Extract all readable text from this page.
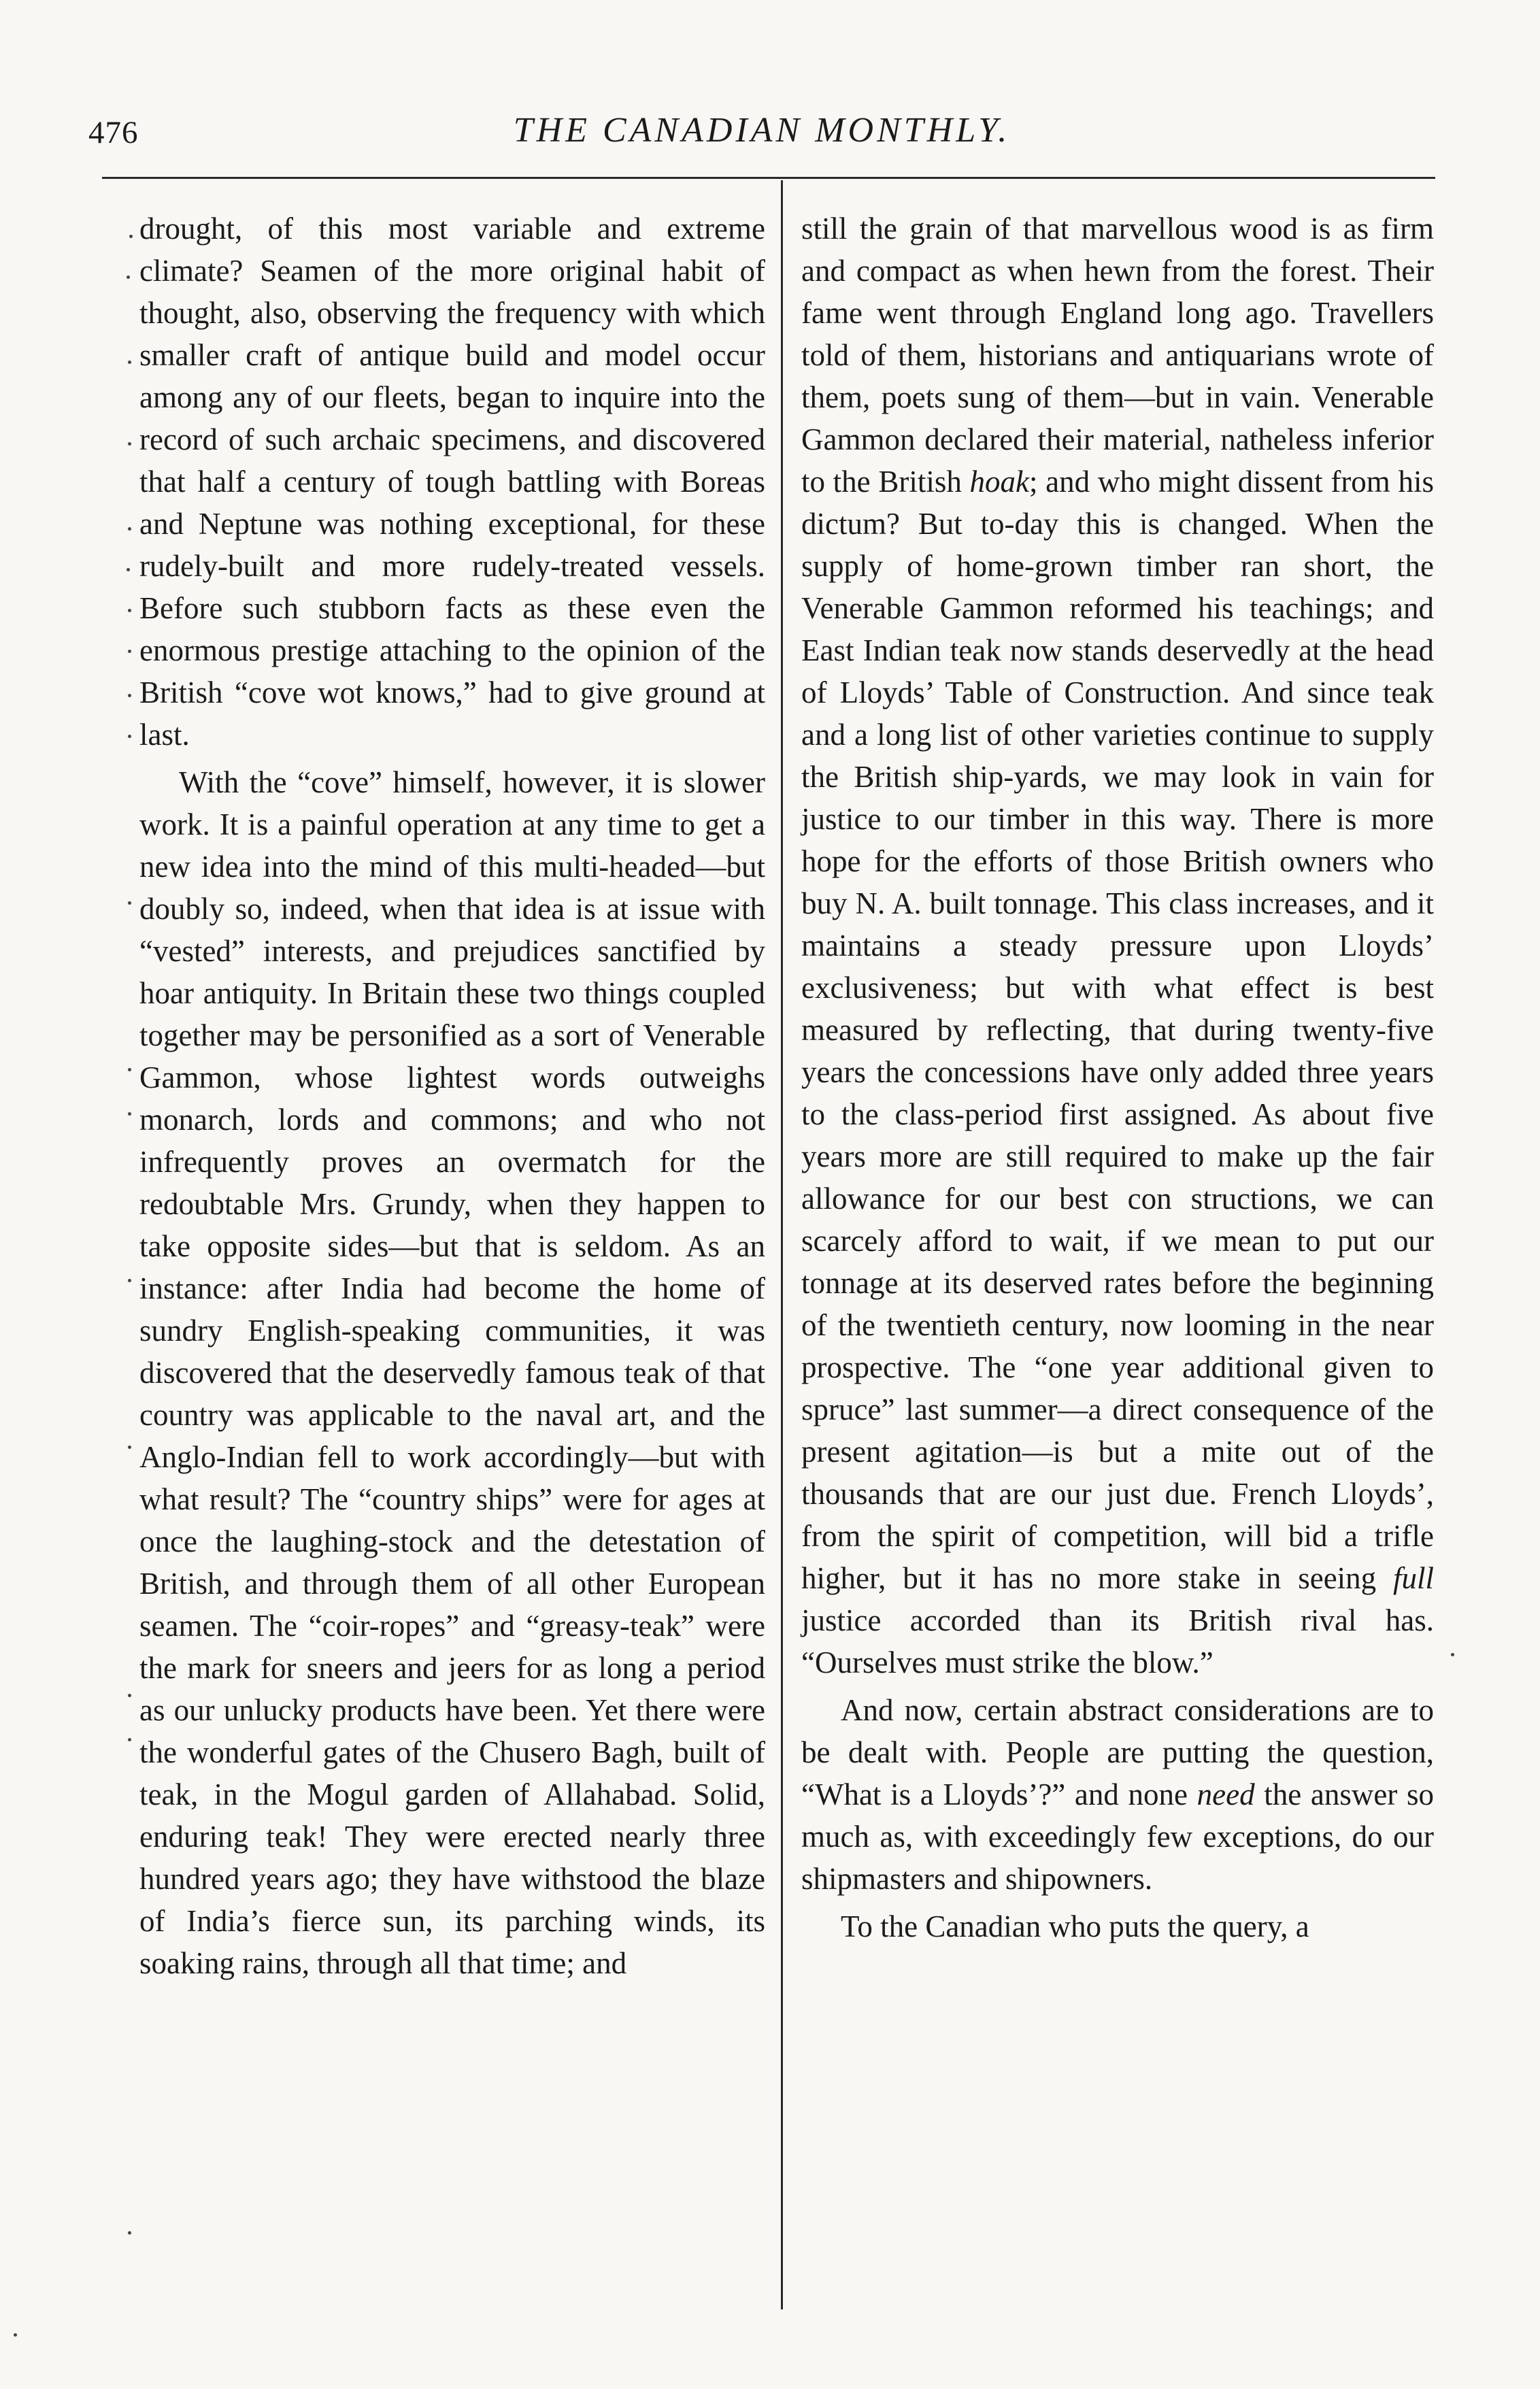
476	THE CANADIAN MONTHLY.

drought, of this most variable and extreme climate? Seamen of the more original habit of thought, also, observing the frequency with which smaller craft of antique build and model occur among any of our fleets, began to inquire into the record of such archaic specimens, and discovered that half a century of tough battling with Boreas and Neptune was nothing exceptional, for these rudely-built and more rudely-treated vessels. Before such stubborn facts as these even the enormous prestige attaching to the opinion of the British “cove wot knows,” had to give ground at last.

With the “cove” himself, however, it is slower work. It is a painful operation at any time to get a new idea into the mind of this multi-headed—but doubly so, indeed, when that idea is at issue with “vested” interests, and prejudices sanctified by hoar antiquity. In Britain these two things coupled together may be personified as a sort of Venerable Gammon, whose lightest words outweighs monarch, lords and commons; and who not infrequently proves an overmatch for the redoubtable Mrs. Grundy, when they happen to take opposite sides—but that is seldom. As an instance: after India had become the home of sundry English-speaking communities, it was discovered that the deservedly famous teak of that country was applicable to the naval art, and the Anglo-Indian fell to work accordingly—but with what result? The “country ships” were for ages at once the laughing-stock and the detestation of British, and through them of all other European seamen. The “coir-ropes” and “greasy-teak” were the mark for sneers and jeers for as long a period as our unlucky products have been. Yet there were the wonderful gates of the Chusero Bagh, built of teak, in the Mogul garden of Allahabad. Solid, enduring teak! They were erected nearly three hundred years ago; they have withstood the blaze of India’s fierce sun, its parching winds, its soaking rains, through all that time; and

still the grain of that marvellous wood is as firm and compact as when hewn from the forest. Their fame went through England long ago. Travellers told of them, historians and antiquarians wrote of them, poets sung of them—but in vain. Venerable Gammon declared their material, natheless inferior to the British hoak; and who might dissent from his dictum? But to-day this is changed. When the supply of home-grown timber ran short, the Venerable Gammon reformed his teachings; and East Indian teak now stands deservedly at the head of Lloyds’ Table of Construction. And since teak and a long list of other varieties continue to supply the British ship-yards, we may look in vain for justice to our timber in this way. There is more hope for the efforts of those British owners who buy N. A. built tonnage. This class increases, and it maintains a steady pressure upon Lloyds’ exclusiveness; but with what effect is best measured by reflecting, that during twenty-five years the concessions have only added three years to the class-period first assigned. As about five years more are still required to make up the fair allowance for our best con structions, we can scarcely afford to wait, if we mean to put our tonnage at its deserved rates before the beginning of the twentieth century, now looming in the near prospective. The “one year additional given to spruce” last summer—a direct consequence of the present agitation—is but a mite out of the thousands that are our just due. French Lloyds’, from the spirit of competition, will bid a trifle higher, but it has no more stake in seeing full justice accorded than its British rival has. “Ourselves must strike the blow.”

And now, certain abstract considerations are to be dealt with. People are putting the question, “What is a Lloyds’?” and none need the answer so much as, with exceedingly few exceptions, do our shipmasters and shipowners.

To the Canadian who puts the query, a
